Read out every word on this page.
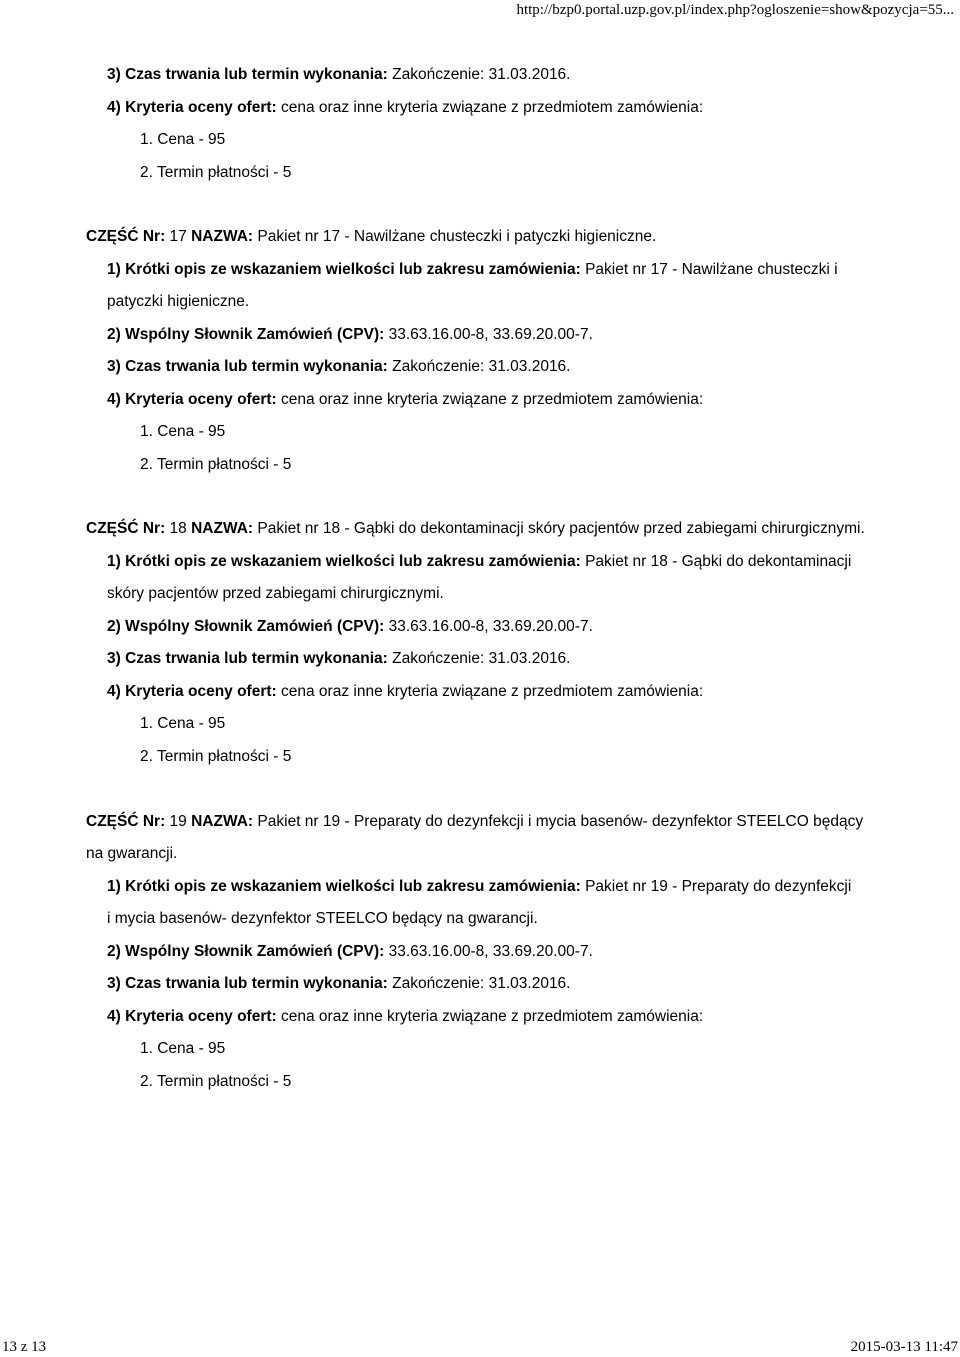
http://bzp0.portal.uzp.gov.pl/index.php?ogloszenie=show&pozycja=55...
3) Czas trwania lub termin wykonania: Zakończenie: 31.03.2016.
4) Kryteria oceny ofert: cena oraz inne kryteria związane z przedmiotem zamówienia:
1. Cena - 95
2. Termin płatności - 5
CZĘŚĆ Nr: 17 NAZWA: Pakiet nr 17 - Nawilżane chusteczki i patyczki higieniczne.
1) Krótki opis ze wskazaniem wielkości lub zakresu zamówienia: Pakiet nr 17 - Nawilżane chusteczki i
patyczki higieniczne.
2) Wspólny Słownik Zamówień (CPV): 33.63.16.00-8, 33.69.20.00-7.
3) Czas trwania lub termin wykonania: Zakończenie: 31.03.2016.
4) Kryteria oceny ofert: cena oraz inne kryteria związane z przedmiotem zamówienia:
1. Cena - 95
2. Termin płatności - 5
CZĘŚĆ Nr: 18 NAZWA: Pakiet nr 18 - Gąbki do dekontaminacji skóry pacjentów przed zabiegami chirurgicznymi.
1) Krótki opis ze wskazaniem wielkości lub zakresu zamówienia: Pakiet nr 18 - Gąbki do dekontaminacji
skóry pacjentów przed zabiegami chirurgicznymi.
2) Wspólny Słownik Zamówień (CPV): 33.63.16.00-8, 33.69.20.00-7.
3) Czas trwania lub termin wykonania: Zakończenie: 31.03.2016.
4) Kryteria oceny ofert: cena oraz inne kryteria związane z przedmiotem zamówienia:
1. Cena - 95
2. Termin płatności - 5
CZĘŚĆ Nr: 19 NAZWA: Pakiet nr 19 - Preparaty do dezynfekcji i mycia basenów- dezynfektor STEELCO będący
na gwarancji.
1) Krótki opis ze wskazaniem wielkości lub zakresu zamówienia: Pakiet nr 19 - Preparaty do dezynfekcji
i mycia basenów- dezynfektor STEELCO będący na gwarancji.
2) Wspólny Słownik Zamówień (CPV): 33.63.16.00-8, 33.69.20.00-7.
3) Czas trwania lub termin wykonania: Zakończenie: 31.03.2016.
4) Kryteria oceny ofert: cena oraz inne kryteria związane z przedmiotem zamówienia:
1. Cena - 95
2. Termin płatności - 5
13 z 13	2015-03-13 11:47
